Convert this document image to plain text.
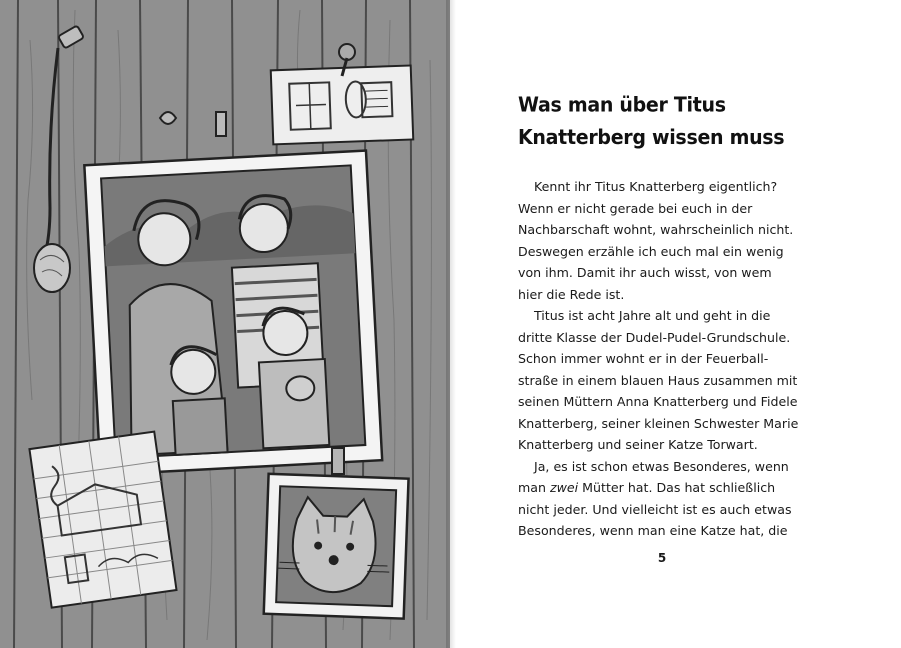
Was man über Titus
Knatterberg wissen muss

Kennt ihr Titus Knatterberg eigentlich?
Wenn er nicht gerade bei euch in der
Nachbarschaft wohnt, wahrscheinlich nicht.
Deswegen erzähle ich euch mal ein wenig
von ihm. Damit ihr auch wisst, von wem
hier die Rede ist.

Titus ist acht Jahre alt und geht in die
dritte Klasse der Dudel-Pudel-Grundschule.
Schon immer wohnt er in der Feuerball-
straße in einem blauen Haus zusammen mit
seinen Müttern Anna Knatterberg und Fidele
Knatterberg, seiner kleinen Schwester Marie
Knatterberg und seiner Katze Torwart.

Ja, es ist schon etwas Besonderes, wenn
man zwei Mütter hat. Das hat schließlich
nicht jeder. Und vielleicht ist es auch etwas
Besonderes, wenn man eine Katze hat, die

5
